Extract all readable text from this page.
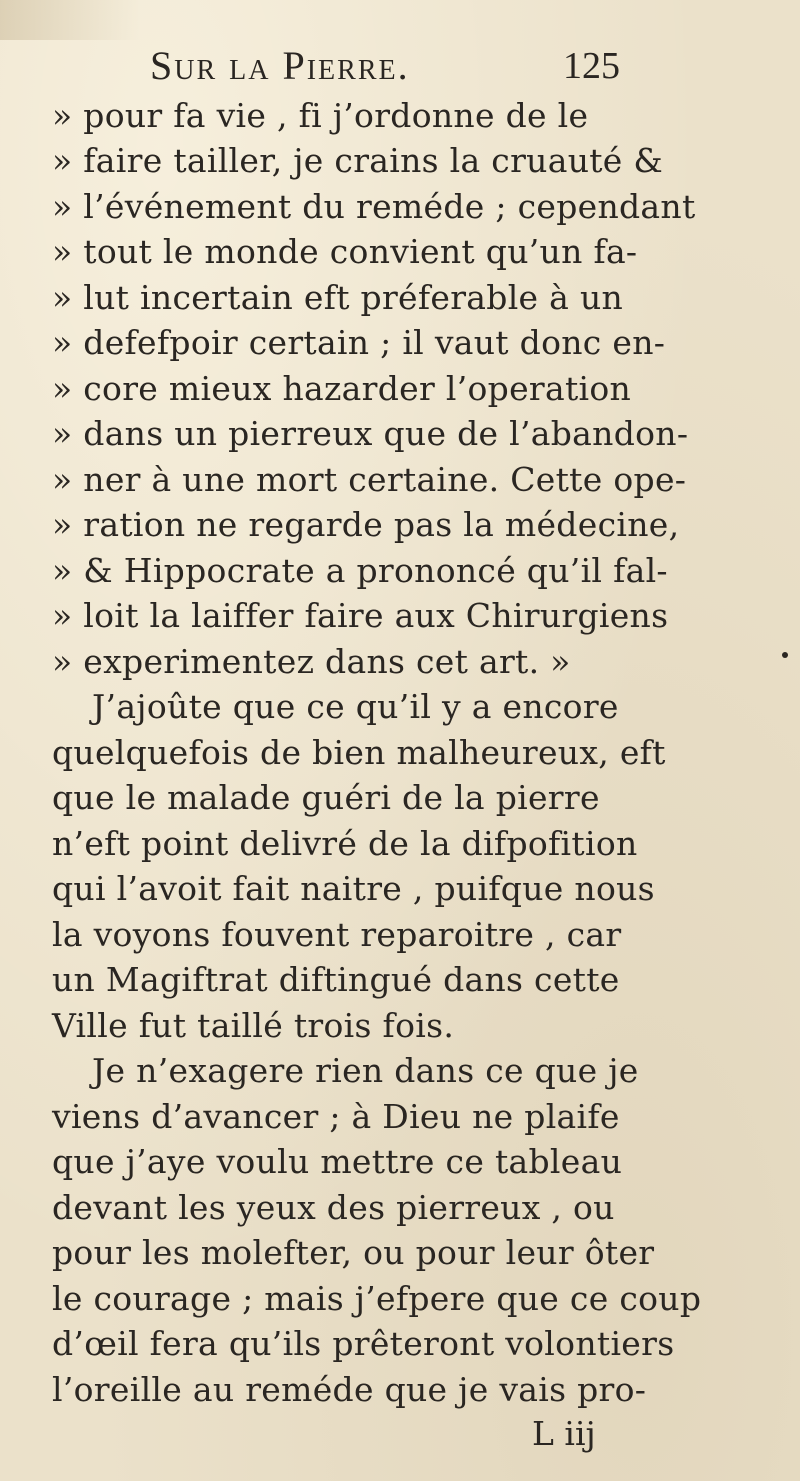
Sur la Pierre.	125
» pour fa vie , fi j’ordonne de le
» faire tailler, je crains la cruauté &
» l’événement du reméde ; cependant
» tout le monde convient qu’un fa-
» lut incertain eft préferable à un
» defefpoir certain ; il vaut donc en-
» core mieux hazarder l’operation
» dans un pierreux que de l’abandon-
» ner à une mort certaine. Cette ope-
» ration ne regarde pas la médecine,
» & Hippocrate a prononcé qu’il fal-
» loit la laiffer faire aux Chirurgiens
» experimentez dans cet art. »
J’ajoûte que ce qu’il y a encore
quelquefois de bien malheureux, eft
que le malade guéri de la pierre
n’eft point delivré de la difpofition
qui l’avoit fait naitre , puifque nous
la voyons fouvent reparoitre , car
un Magiftrat diftingué dans cette
Ville fut taillé trois fois.
Je n’exagere rien dans ce que je
viens d’avancer ; à Dieu ne plaife
que j’aye voulu mettre ce tableau
devant les yeux des pierreux , ou
pour les molefter, ou pour leur ôter
le courage ; mais j’efpere que ce coup
d’œil fera qu’ils prêteront volontiers
l’oreille au reméde que je vais pro-
L iij
